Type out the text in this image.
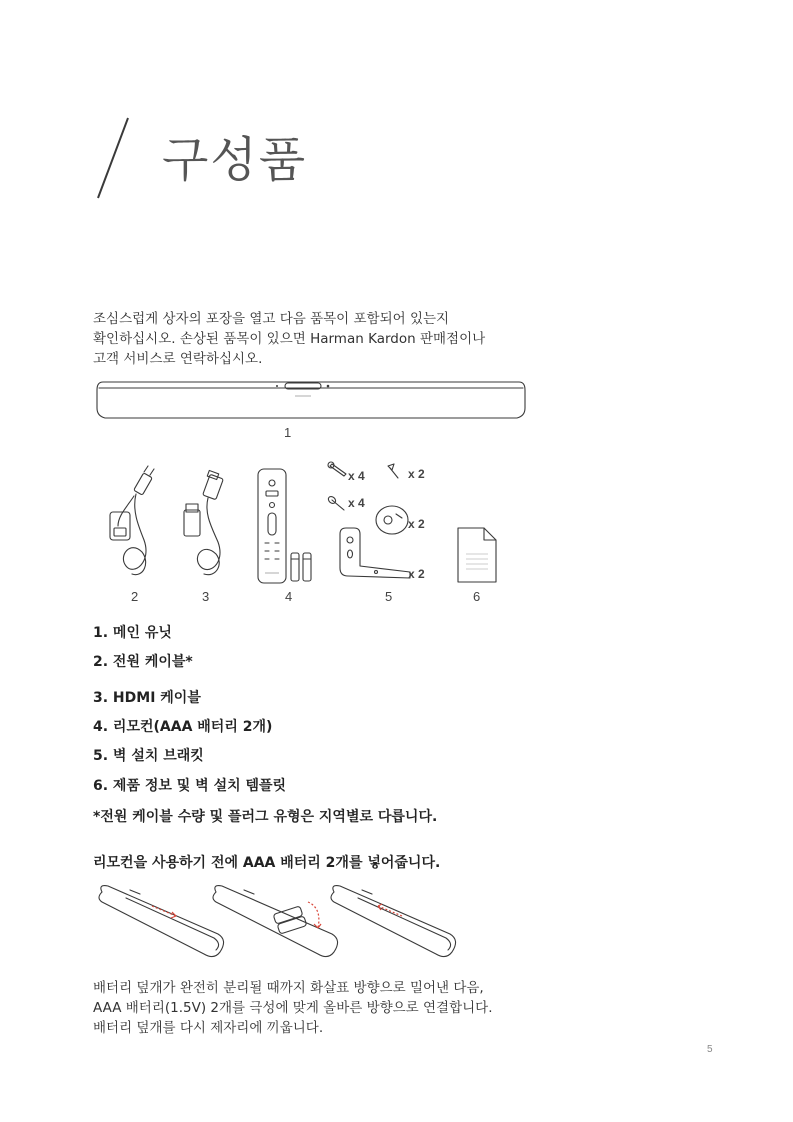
구성품
조심스럽게 상자의 포장을 열고 다음 품목이 포함되어 있는지
확인하십시오. 손상된 품목이 있으면 Harman Kardon 판매점이나
고객 서비스로 연락하십시오.
1
2	3	4
x 4	x 2
x 4
x 2
x 2
5	6
1. 메인 유닛
2. 전원 케이블*
3. HDMI 케이블
4. 리모컨(AAA 배터리 2개)
5. 벽 설치 브래킷
6. 제품 정보 및 벽 설치 템플릿
*전원 케이블 수량 및 플러그 유형은 지역별로 다릅니다.
리모컨을 사용하기 전에 AAA 배터리 2개를 넣어줍니다.
배터리 덮개가 완전히 분리될 때까지 화살표 방향으로 밀어낸 다음,
AAA 배터리(1.5V) 2개를 극성에 맞게 올바른 방향으로 연결합니다.
배터리 덮개를 다시 제자리에 끼웁니다.
5
